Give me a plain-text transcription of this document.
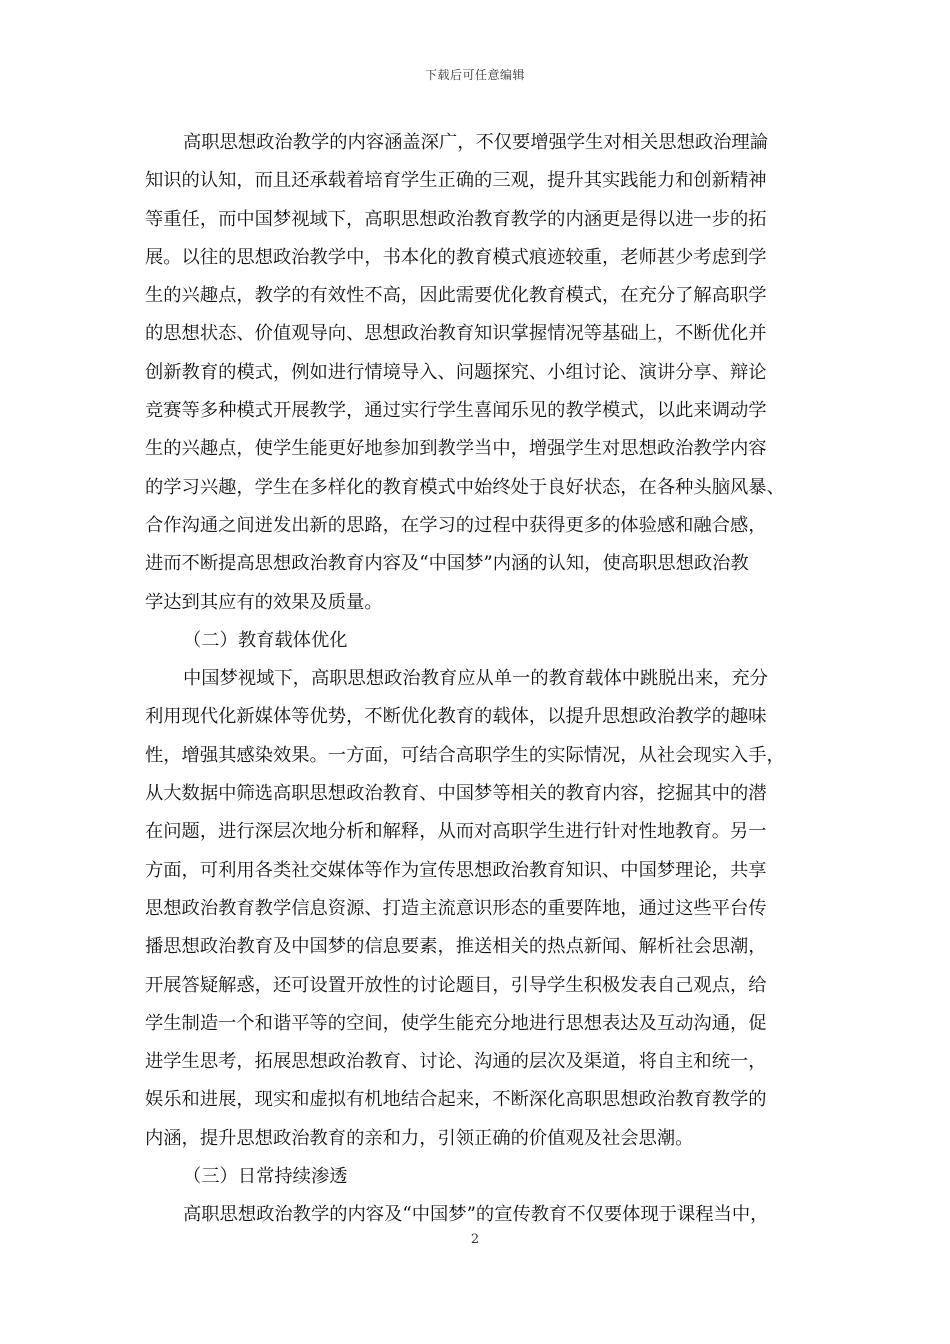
下载后可任意编辑
高职思想政治教学的内容涵盖深广，不仅要增强学生对相关思想政治理論
知识的认知，而且还承载着培育学生正确的三观，提升其实践能力和创新精神
等重任，而中国梦视域下，高职思想政治教育教学的内涵更是得以进一步的拓
展。以往的思想政治教学中，书本化的教育模式痕迹较重，老师甚少考虑到学
生的兴趣点，教学的有效性不高，因此需要优化教育模式，在充分了解高职学
的思想状态、价值观导向、思想政治教育知识掌握情况等基础上，不断优化并
创新教育的模式，例如进行情境导入、问题探究、小组讨论、演讲分享、辩论
竞赛等多种模式开展教学，通过实行学生喜闻乐见的教学模式，以此来调动学
生的兴趣点，使学生能更好地参加到教学当中，增强学生对思想政治教学内容
的学习兴趣，学生在多样化的教育模式中始终处于良好状态，在各种头脑风暴、
合作沟通之间迸发出新的思路，在学习的过程中获得更多的体验感和融合感，
进而不断提高思想政治教育内容及“中国梦”内涵的认知，使高职思想政治教
学达到其应有的效果及质量。
（二）教育载体优化
中国梦视域下，高职思想政治教育应从单一的教育载体中跳脱出来，充分
利用现代化新媒体等优势，不断优化教育的载体，以提升思想政治教学的趣味
性，增强其感染效果。一方面，可结合高职学生的实际情况，从社会现实入手，
从大数据中筛选高职思想政治教育、中国梦等相关的教育内容，挖掘其中的潜
在问题，进行深层次地分析和解释，从而对高职学生进行针对性地教育。另一
方面，可利用各类社交媒体等作为宣传思想政治教育知识、中国梦理论，共享
思想政治教育教学信息资源、打造主流意识形态的重要阵地，通过这些平台传
播思想政治教育及中国梦的信息要素，推送相关的热点新闻、解析社会思潮，
开展答疑解惑，还可设置开放性的讨论题目，引导学生积极发表自己观点，给
学生制造一个和谐平等的空间，使学生能充分地进行思想表达及互动沟通，促
进学生思考，拓展思想政治教育、讨论、沟通的层次及渠道，将自主和统一，
娱乐和进展，现实和虚拟有机地结合起来，不断深化高职思想政治教育教学的
内涵，提升思想政治教育的亲和力，引领正确的价值观及社会思潮。
（三）日常持续渗透
高职思想政治教学的内容及“中国梦”的宣传教育不仅要体现于课程当中，
2
